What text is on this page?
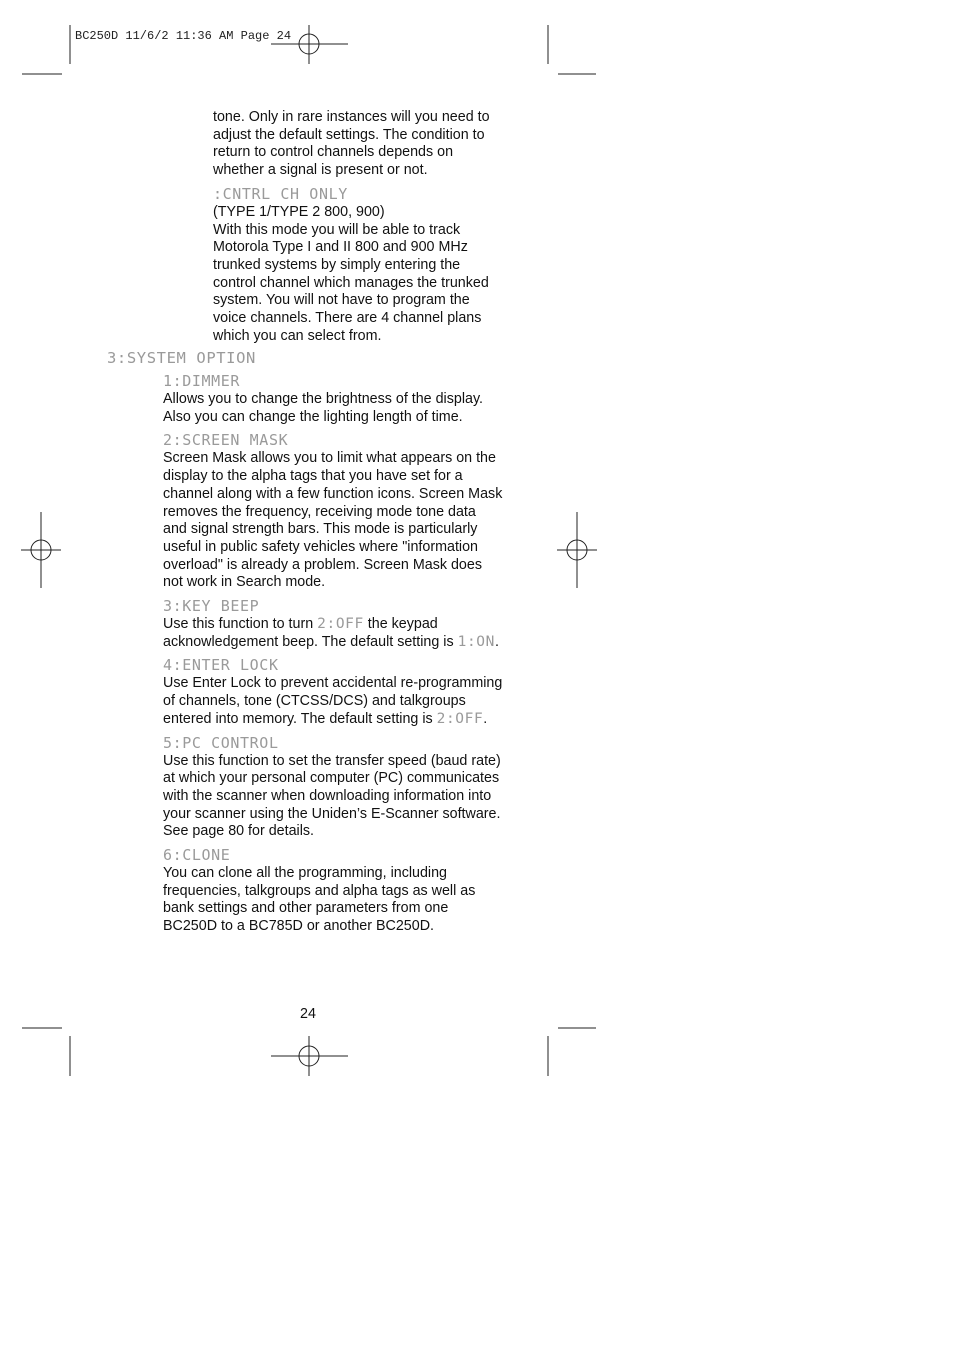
BC250D 11/6/2 11:36 AM Page 24

tone. Only in rare instances will you need to

adjust the default settings. The condition to

return to control channels depends on

whether a signal is present or not.

:CNTRL CH ONLY

(TYPE 1/TYPE 2 800, 900)

With this mode you will be able to track

Motorola Type I and II 800 and 900 MHz

trunked systems by simply entering the

control channel which manages the trunked

system. You will not have to program the

voice channels. There are 4 channel plans

which you can select from.

3:SYSTEM OPTION
1:DIMMER

Allows you to change the brightness of the display.

Also you can change the lighting length of time.

2:SCREEN MASK

Screen Mask allows you to limit what appears on the

display to the alpha tags that you have set for a

channel along with a few function icons. Screen Mask

removes the frequency, receiving mode tone data

and signal strength bars. This mode is particularly

useful in public safety vehicles where "information

overload" is already a problem. Screen Mask does

not work in Search mode.

3:KEY BEEP

Use this function to turn 2:OFF the keypad

acknowledgement beep. The default setting is 1:ON.

4:ENTER LOCK

Use Enter Lock to prevent accidental re-programming

of channels, tone (CTCSS/DCS) and talkgroups

entered into memory. The default setting is 2:OFF.

5:PC CONTROL

Use this function to set the transfer speed (baud rate)

at which your personal computer (PC) communicates

with the scanner when downloading information into

your scanner using the Uniden’s E-Scanner software.

See page 80 for details.

6:CLONE

You can clone all the programming, including

frequencies, talkgroups and alpha tags as well as

bank settings and other parameters from one

BC250D to a BC785D or another BC250D.

24
